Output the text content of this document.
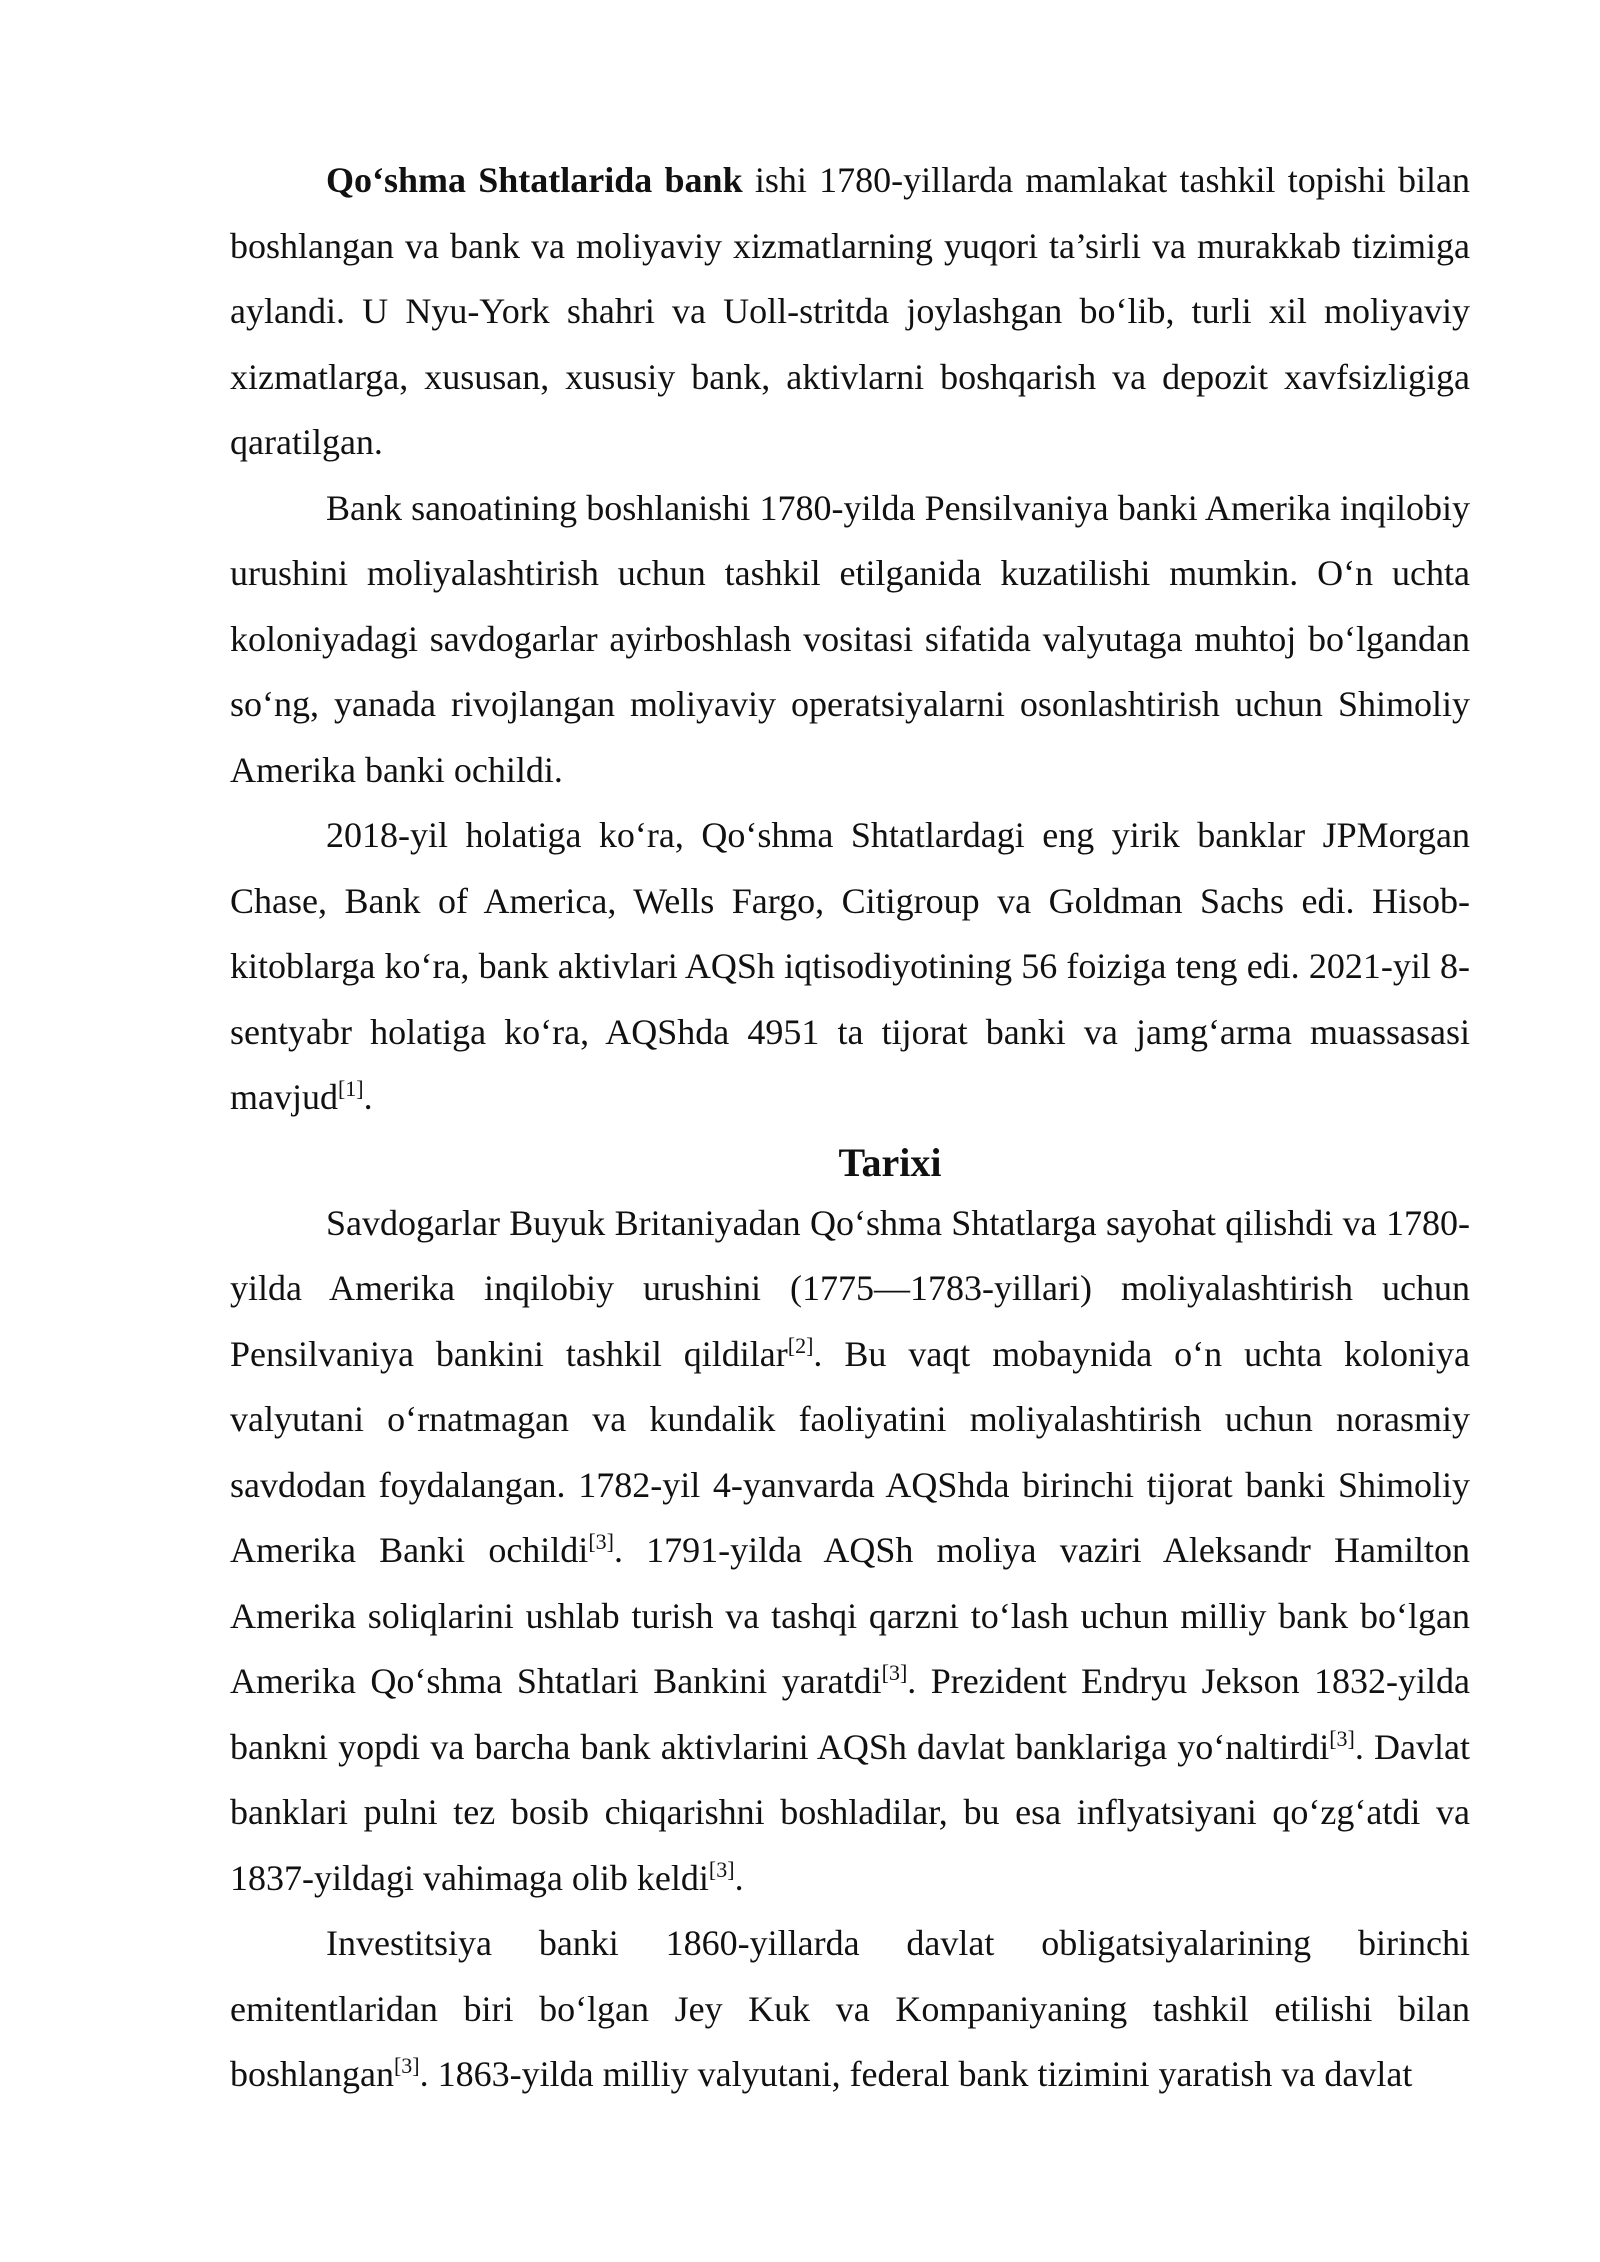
Qo‘shma Shtatlarida bank ishi 1780-yillarda mamlakat tashkil topishi bilan boshlangan va bank va moliyaviy xizmatlarning yuqori ta’sirli va murakkab tizimiga aylandi. U Nyu-York shahri va Uoll-stritda joylashgan bo‘lib, turli xil moliyaviy xizmatlarga, xususan, xususiy bank, aktivlarni boshqarish va depozit xavfsizligiga qaratilgan.

Bank sanoatining boshlanishi 1780-yilda Pensilvaniya banki Amerika inqilobiy urushini moliyalashtirish uchun tashkil etilganida kuzatilishi mumkin. O‘n uchta koloniyadagi savdogarlar ayirboshlash vositasi sifatida valyutaga muhtoj bo‘lgandan so‘ng, yanada rivojlangan moliyaviy operatsiyalarni osonlashtirish uchun Shimoliy Amerika banki ochildi.

2018-yil holatiga ko‘ra, Qo‘shma Shtatlardagi eng yirik banklar JPMorgan Chase, Bank of America, Wells Fargo, Citigroup va Goldman Sachs edi. Hisob-kitoblarga ko‘ra, bank aktivlari AQSh iqtisodiyotining 56 foiziga teng edi. 2021-yil 8-sentyabr holatiga ko‘ra, AQShda 4951 ta tijorat banki va jamg‘arma muassasasi mavjud[1].

Tarixi

Savdogarlar Buyuk Britaniyadan Qo‘shma Shtatlarga sayohat qilishdi va 1780-yilda Amerika inqilobiy urushini (1775—1783-yillari) moliyalashtirish uchun Pensilvaniya bankini tashkil qildilar[2]. Bu vaqt mobaynida o‘n uchta koloniya valyutani o‘rnatmagan va kundalik faoliyatini moliyalashtirish uchun norasmiy savdodan foydalangan. 1782-yil 4-yanvarda AQShda birinchi tijorat banki Shimoliy Amerika Banki ochildi[3]. 1791-yilda AQSh moliya vaziri Aleksandr Hamilton Amerika soliqlarini ushlab turish va tashqi qarzni to‘lash uchun milliy bank bo‘lgan Amerika Qo‘shma Shtatlari Bankini yaratdi[3]. Prezident Endryu Jekson 1832-yilda bankni yopdi va barcha bank aktivlarini AQSh davlat banklariga yo‘naltirdi[3]. Davlat banklari pulni tez bosib chiqarishni boshladilar, bu esa inflyatsiyani qo‘zg‘atdi va 1837-yildagi vahimaga olib keldi[3].

Investitsiya banki 1860-yillarda davlat obligatsiyalarining birinchi emitentlaridan biri bo‘lgan Jey Kuk va Kompaniyaning tashkil etilishi bilan boshlangan[3]. 1863-yilda milliy valyutani, federal bank tizimini yaratish va davlat
